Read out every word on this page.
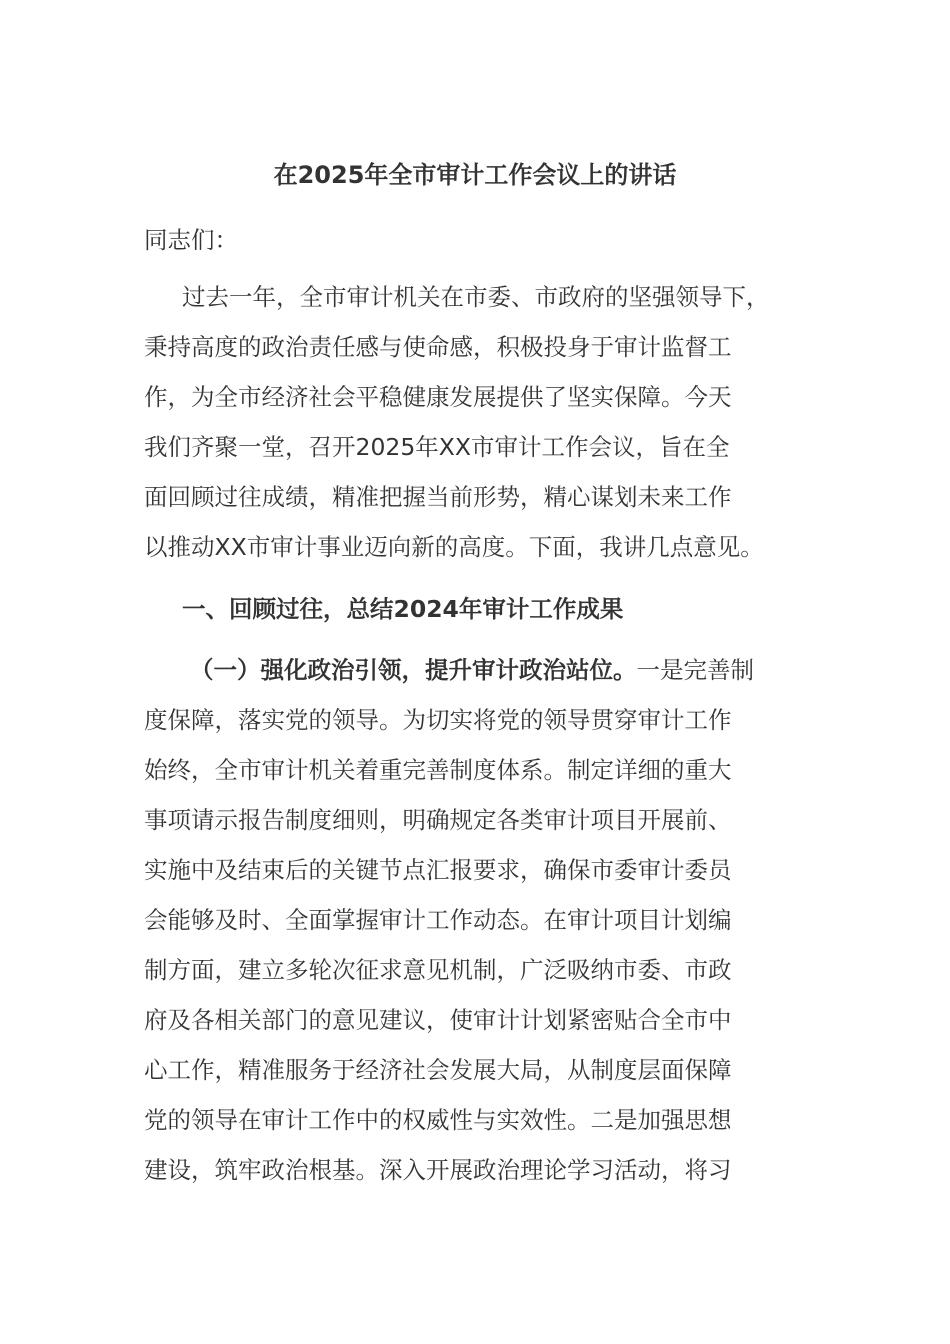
在2025年全市审计工作会议上的讲话

同志们：

过去一年，全市审计机关在市委、市政府的坚强领导下，
秉持高度的政治责任感与使命感，积极投身于审计监督工
作，为全市经济社会平稳健康发展提供了坚实保障。今天
我们齐聚一堂，召开2025年XX市审计工作会议，旨在全
面回顾过往成绩，精准把握当前形势，精心谋划未来工作
以推动XX市审计事业迈向新的高度。下面，我讲几点意见。
一、回顾过往，总结2024年审计工作成果
（一）强化政治引领，提升审计政治站位。一是完善制
度保障，落实党的领导。为切实将党的领导贯穿审计工作
始终，全市审计机关着重完善制度体系。制定详细的重大
事项请示报告制度细则，明确规定各类审计项目开展前、
实施中及结束后的关键节点汇报要求，确保市委审计委员
会能够及时、全面掌握审计工作动态。在审计项目计划编
制方面，建立多轮次征求意见机制，广泛吸纳市委、市政
府及各相关部门的意见建议，使审计计划紧密贴合全市中
心工作，精准服务于经济社会发展大局，从制度层面保障
党的领导在审计工作中的权威性与实效性。二是加强思想
建设，筑牢政治根基。深入开展政治理论学习活动，将习
